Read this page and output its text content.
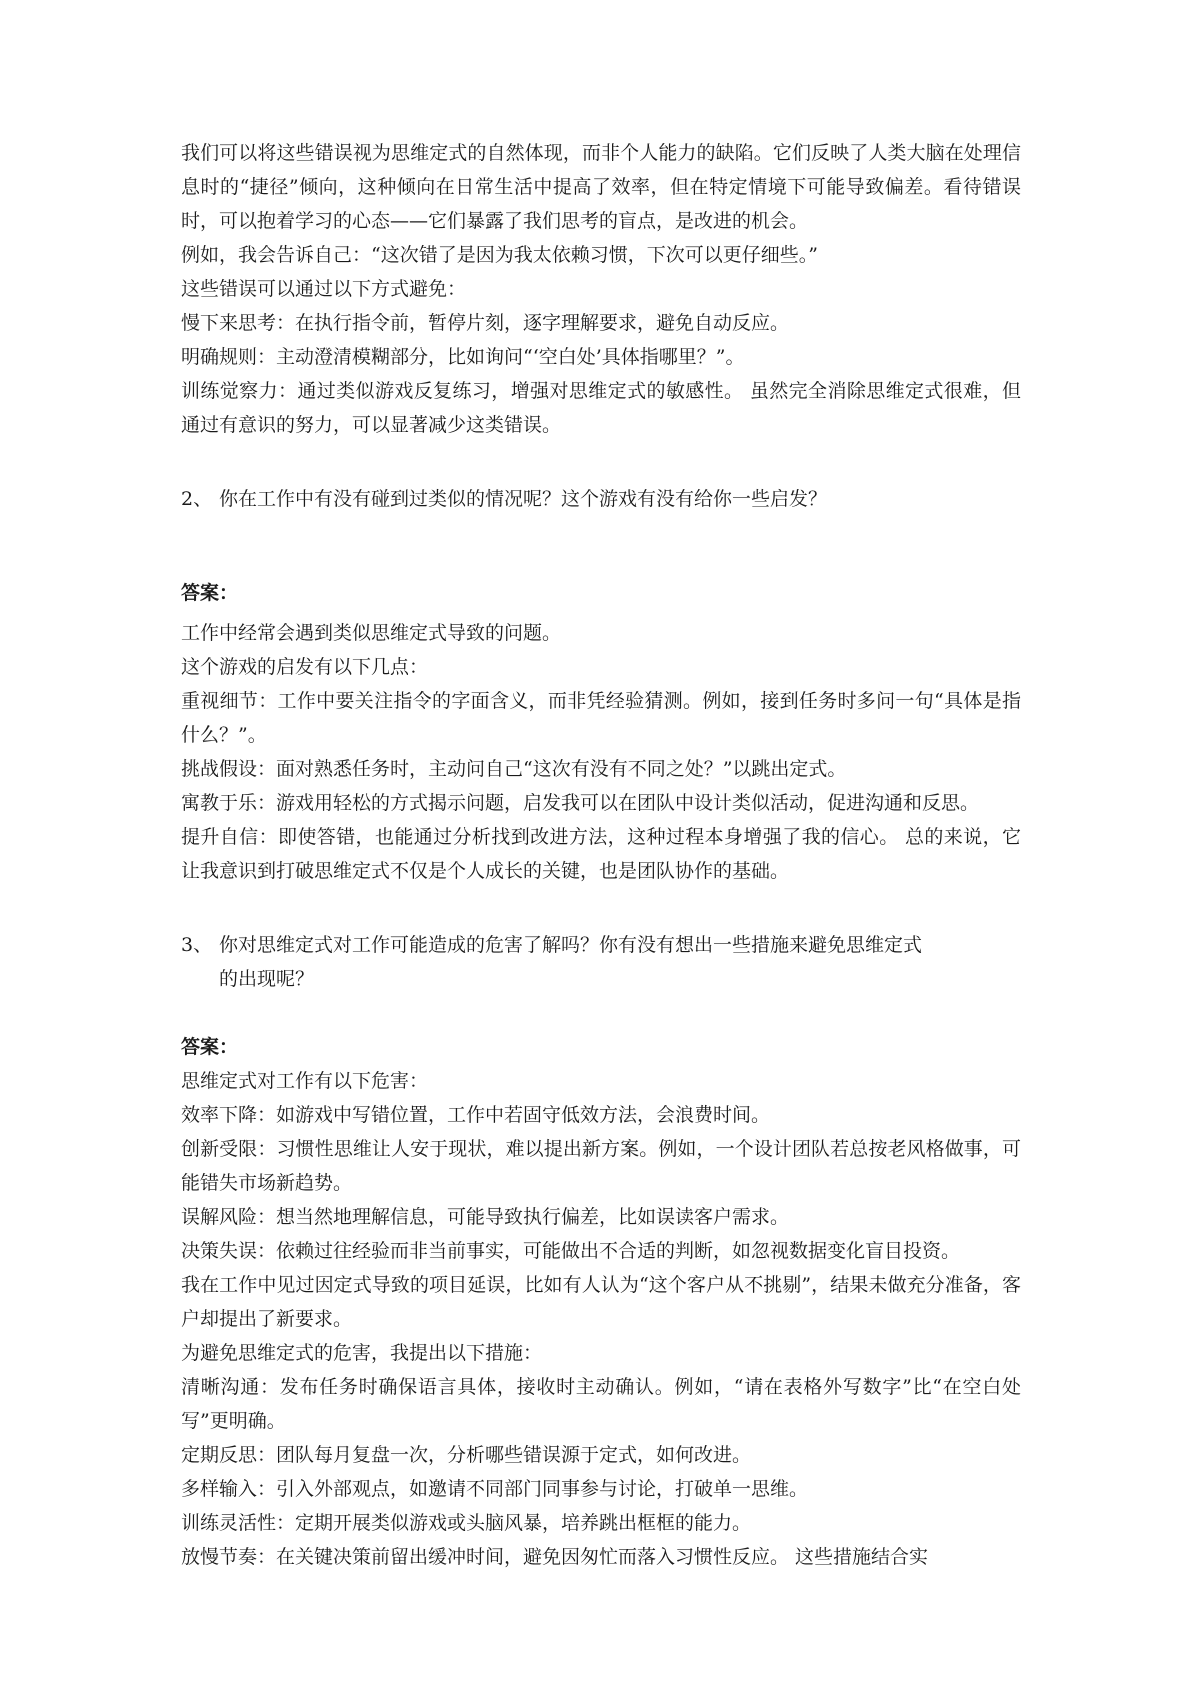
我们可以将这些错误视为思维定式的自然体现，而非个人能力的缺陷。它们反映了人类大脑在处理信息时的“捷径”倾向，这种倾向在日常生活中提高了效率，但在特定情境下可能导致偏差。看待错误时，可以抱着学习的心态——它们暴露了我们思考的盲点，是改进的机会。

例如，我会告诉自己：“这次错了是因为我太依赖习惯，下次可以更仔细些。”

这些错误可以通过以下方式避免：

慢下来思考：在执行指令前，暂停片刻，逐字理解要求，避免自动反应。

明确规则：主动澄清模糊部分，比如询问“‘空白处’具体指哪里？”。

训练觉察力：通过类似游戏反复练习，增强对思维定式的敏感性。 虽然完全消除思维定式很难，但通过有意识的努力，可以显著减少这类错误。

2、 你在工作中有没有碰到过类似的情况呢？这个游戏有没有给你一些启发？

答案：

工作中经常会遇到类似思维定式导致的问题。

这个游戏的启发有以下几点：

重视细节：工作中要关注指令的字面含义，而非凭经验猜测。例如，接到任务时多问一句“具体是指什么？”。

挑战假设：面对熟悉任务时，主动问自己“这次有没有不同之处？”以跳出定式。

寓教于乐：游戏用轻松的方式揭示问题，启发我可以在团队中设计类似活动，促进沟通和反思。

提升自信：即使答错，也能通过分析找到改进方法，这种过程本身增强了我的信心。 总的来说，它让我意识到打破思维定式不仅是个人成长的关键，也是团队协作的基础。

3、 你对思维定式对工作可能造成的危害了解吗？你有没有想出一些措施来避免思维定式

的出现呢？

答案：

思维定式对工作有以下危害：

效率下降：如游戏中写错位置，工作中若固守低效方法，会浪费时间。

创新受限：习惯性思维让人安于现状，难以提出新方案。例如，一个设计团队若总按老风格做事，可能错失市场新趋势。

误解风险：想当然地理解信息，可能导致执行偏差，比如误读客户需求。

决策失误：依赖过往经验而非当前事实，可能做出不合适的判断，如忽视数据变化盲目投资。

我在工作中见过因定式导致的项目延误，比如有人认为“这个客户从不挑剔”，结果未做充分准备，客户却提出了新要求。

为避免思维定式的危害，我提出以下措施：

清晰沟通：发布任务时确保语言具体，接收时主动确认。例如，“请在表格外写数字”比“在空白处写”更明确。

定期反思：团队每月复盘一次，分析哪些错误源于定式，如何改进。

多样输入：引入外部观点，如邀请不同部门同事参与讨论，打破单一思维。

训练灵活性：定期开展类似游戏或头脑风暴，培养跳出框框的能力。

放慢节奏：在关键决策前留出缓冲时间，避免因匆忙而落入习惯性反应。 这些措施结合实
